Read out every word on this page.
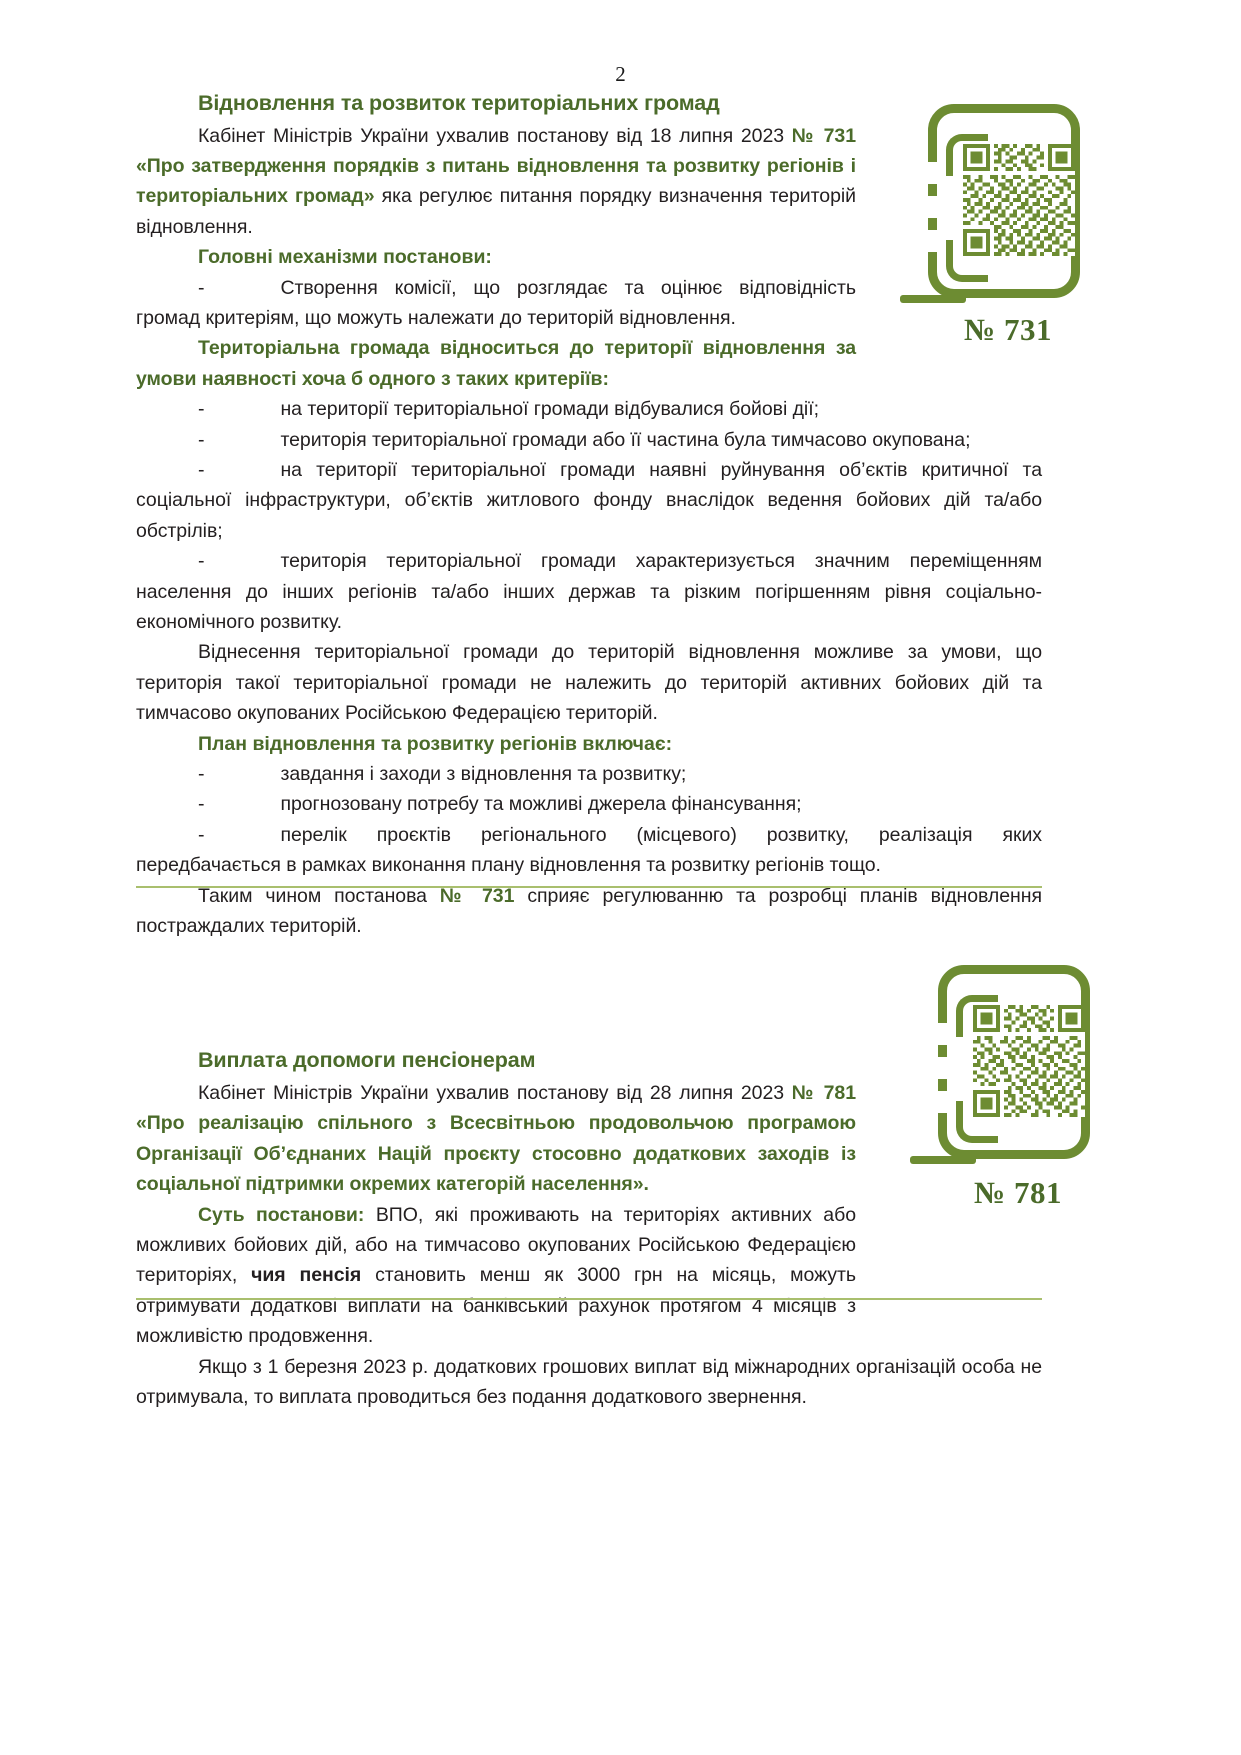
2
№ 731
№ 781
Відновлення та розвиток територіальних громад

Кабінет Міністрів України ухвалив постанову від 18 липня 2023 № 731 «Про затвердження порядків з питань відновлення та розвитку регіонів і територіальних громад» яка регулює питання порядку визначення територій відновлення.

Головні механізми постанови:

-	Створення комісії, що розглядає та оцінює відповідність громад критеріям, що можуть належати до територій відновлення.

Територіальна громада відноситься до території відновлення за умови наявності хоча б одного з таких критеріїв:

-	на території територіальної громади відбувалися бойові дії;

-	територія територіальної громади або її частина була тимчасово окупована;

-	на території територіальної громади наявні руйнування об’єктів критичної та соціальної інфраструктури, об’єктів житлового фонду внаслідок ведення бойових дій та/або обстрілів;

-	територія територіальної громади характеризується значним переміщенням населення до інших регіонів та/або інших держав та різким погіршенням рівня соціально-економічного розвитку.

Віднесення територіальної громади до територій відновлення можливе за умови, що територія такої територіальної громади не належить до територій активних бойових дій та тимчасово окупованих Російською Федерацією територій.

План відновлення та розвитку регіонів включає:

-	завдання і заходи з відновлення та розвитку;

-	прогнозовану потребу та можливі джерела фінансування;

-	перелік проєктів регіонального (місцевого) розвитку, реалізація яких передбачається в рамках виконання плану відновлення та розвитку регіонів тощо.

Таким чином постанова № 731 сприяє регулюванню та розробці планів відновлення постраждалих територій.

Виплата допомоги пенсіонерам

Кабінет Міністрів України ухвалив постанову від 28 липня 2023 № 781 «Про реалізацію спільного з Всесвітньою продовольчою програмою Організації Об’єднаних Націй проєкту стосовно додаткових заходів із соціальної підтримки окремих категорій населення».

Суть постанови: ВПО, які проживають на територіях активних або можливих бойових дій, або на тимчасово окупованих Російською Федерацією територіях, чия пенсія становить менш як 3000 грн на місяць, можуть отримувати додаткові виплати на банківський рахунок протягом 4 місяців з можливістю продовження.

Якщо з 1 березня 2023 р. додаткових грошових виплат від міжнародних організацій особа не отримувала, то виплата проводиться без подання додаткового звернення.
